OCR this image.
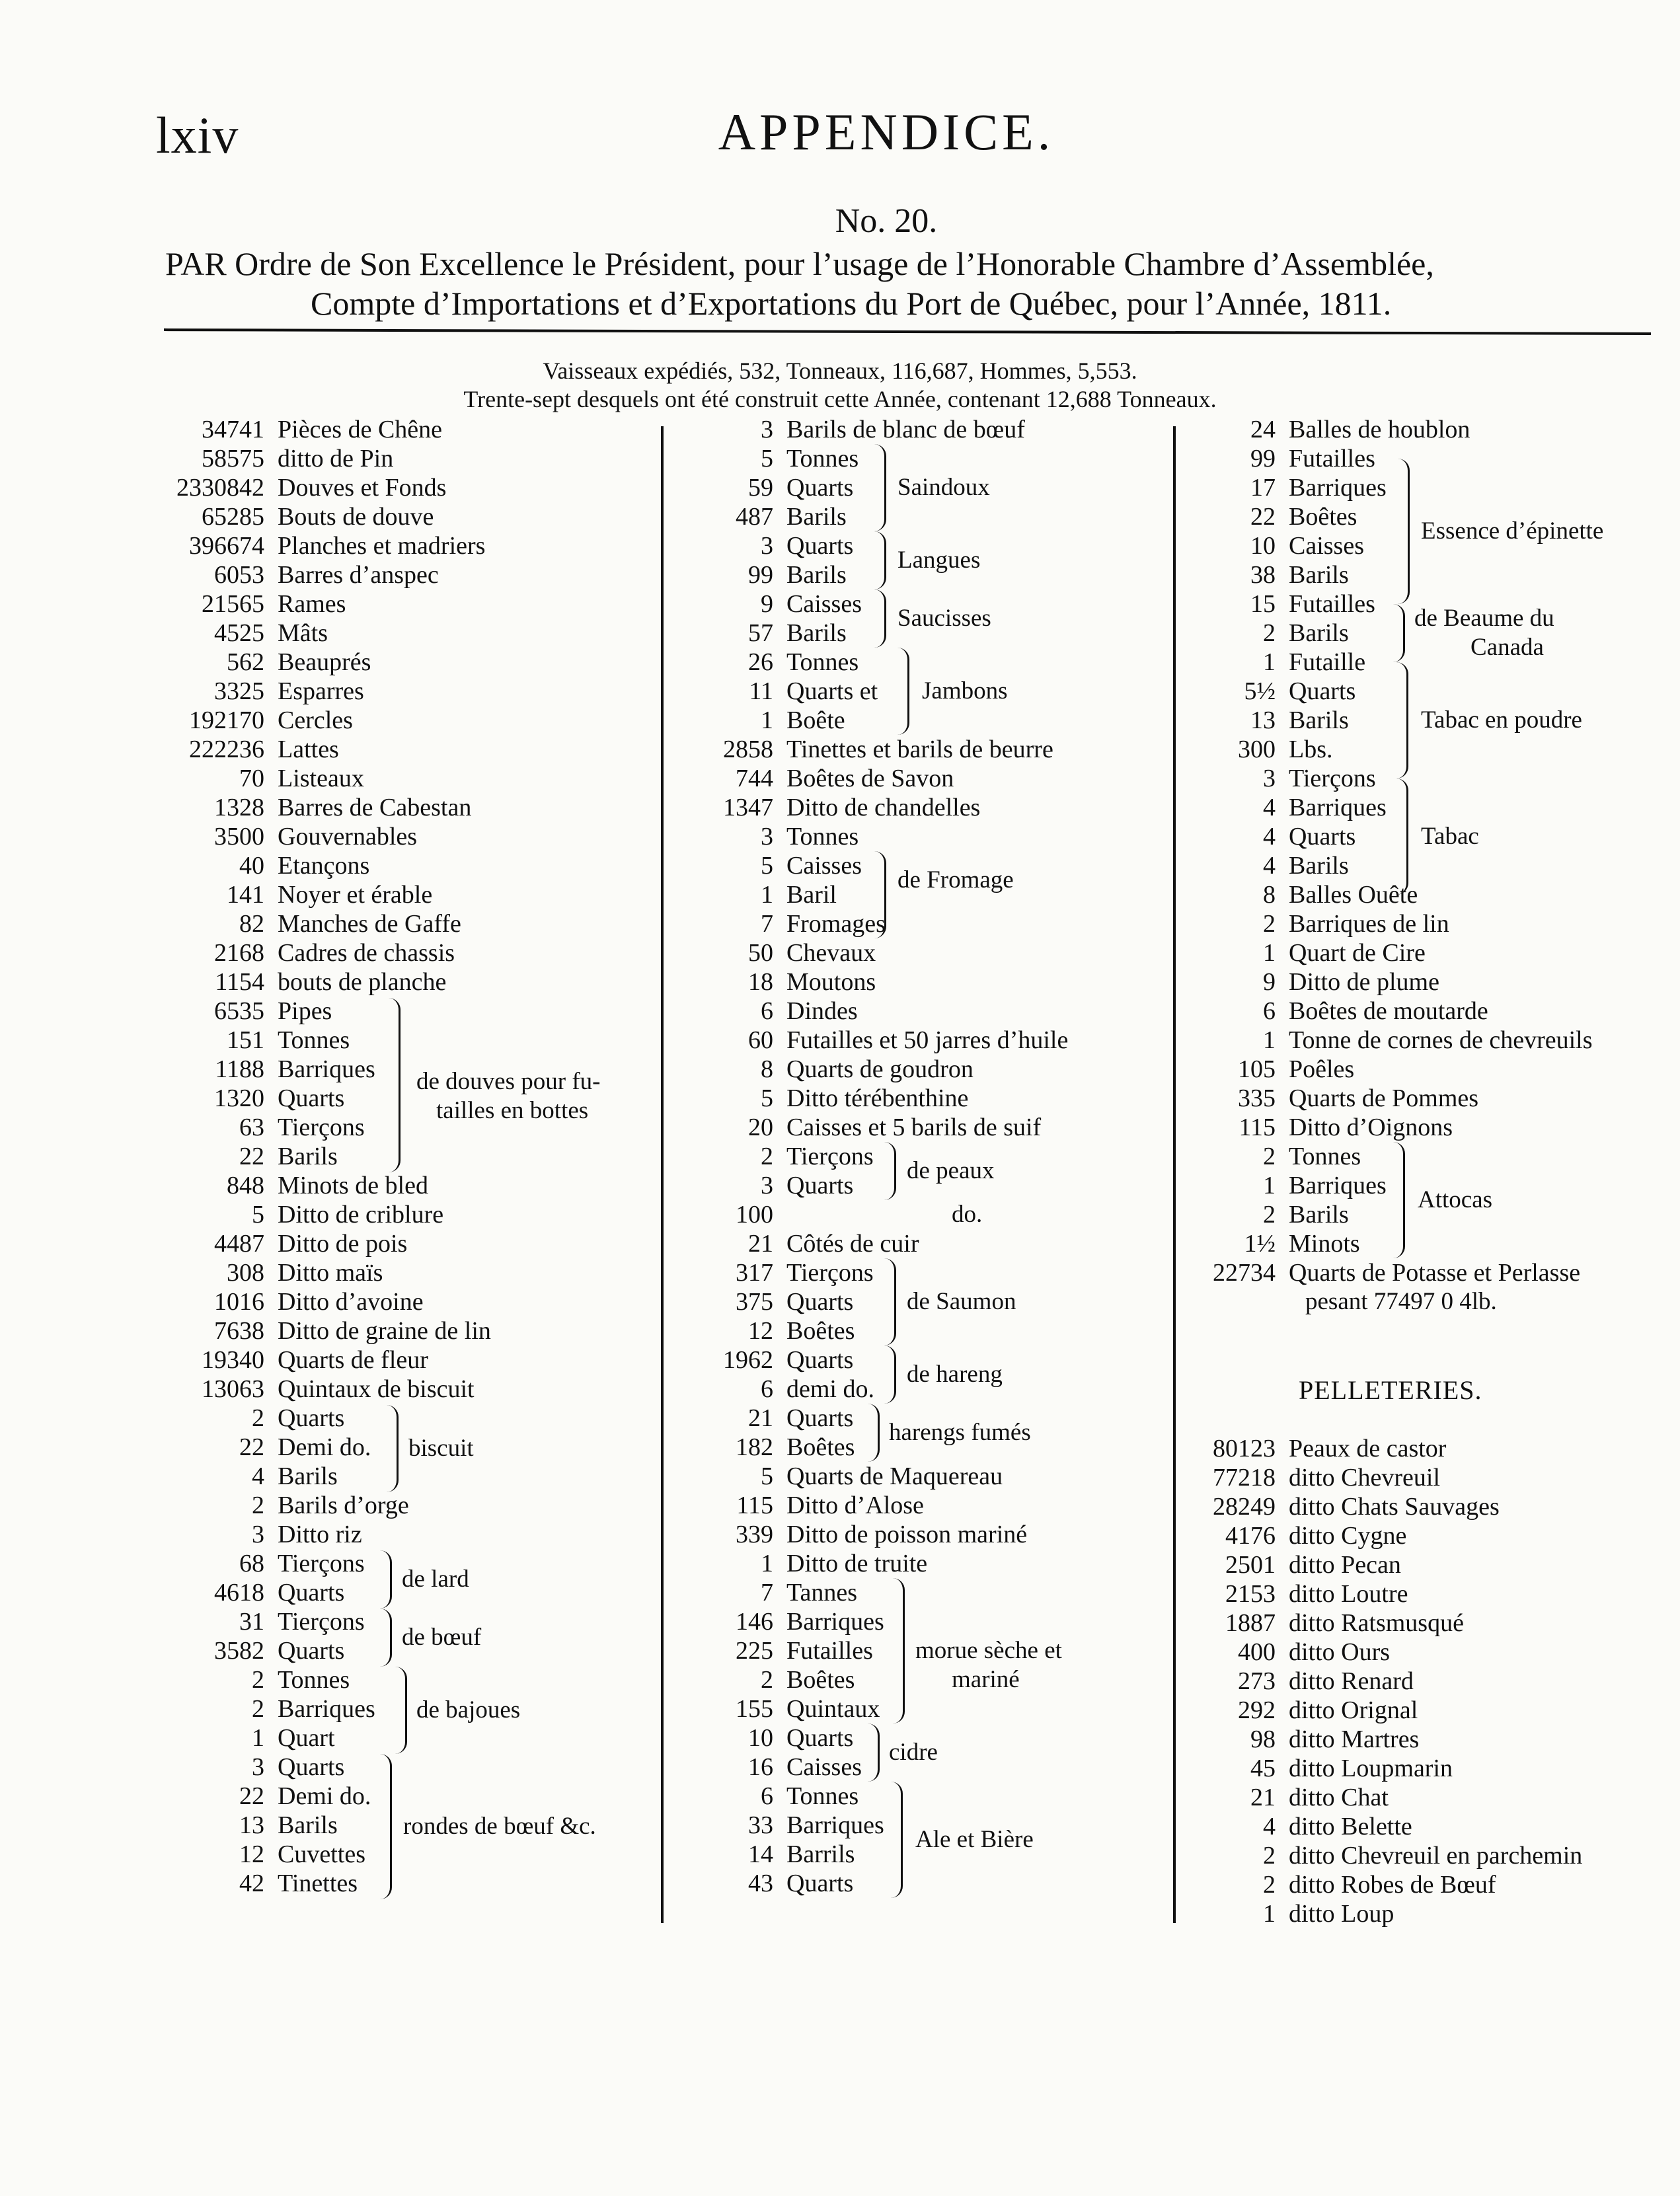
lxiv	APPENDICE.
No. 20.
PAR Ordre de Son Excellence le Président, pour l’usage de l’Honorable Chambre d’Assemblée,
Compte d’Importations et d’Exportations du Port de Québec, pour l’Année, 1811.
Vaisseaux expédiés, 532, Tonneaux, 116,687, Hommes, 5,553.
Trente-sept desquels ont été construit cette Année, contenant 12,688 Tonneaux.
34741 Pièces de Chêne
58575 ditto de Pin
2330842 Douves et Fonds
65285 Bouts de douve
396674 Planches et madriers
6053 Barres d’anspec
21565 Rames
4525 Mâts
562 Beauprés
3325 Esparres
192170 Cercles
222236 Lattes
70 Listeaux
1328 Barres de Cabestan
3500 Gouvernables
40 Etançons
141 Noyer et érable
82 Manches de Gaffe
2168 Cadres de chassis
1154 bouts de planche
6535 Pipes
151 Tonnes
1188 Barriques
1320 Quarts
63 Tierçons
22 Barils
848 Minots de bled
5 Ditto de criblure
4487 Ditto de pois
308 Ditto maïs
1016 Ditto d’avoine
7638 Ditto de graine de lin
19340 Quarts de fleur
13063 Quintaux de biscuit
2 Quarts
22 Demi do.
4 Barils
2 Barils d’orge
3 Ditto riz
68 Tierçons
4618 Quarts
31 Tierçons
3582 Quarts
2 Tonnes
2 Barriques
1 Quart
3 Quarts
22 Demi do.
13 Barils
12 Cuvettes
42 Tinettes
3 Barils de blanc de bœuf
5 Tonnes
59 Quarts
487 Barils
3 Quarts
99 Barils
9 Caisses
57 Barils
26 Tonnes
11 Quarts et
1 Boête
2858 Tinettes et barils de beurre
744 Boêtes de Savon
1347 Ditto de chandelles
3 Tonnes
5 Caisses
1 Baril
7 Fromages
50 Chevaux
18 Moutons
6 Dindes
60 Futailles et 50 jarres d’huile
8 Quarts de goudron
5 Ditto térébenthine
20 Caisses et 5 barils de suif
2 Tierçons
3 Quarts
100
21 Côtés de cuir
317 Tierçons
375 Quarts
12 Boêtes
1962 Quarts
6 demi do.
21 Quarts
182 Boêtes
5 Quarts de Maquereau
115 Ditto d’Alose
339 Ditto de poisson mariné
1 Ditto de truite
7 Tannes
146 Barriques
225 Futailles
2 Boêtes
155 Quintaux
10 Quarts
16 Caisses
6 Tonnes
33 Barriques
14 Barrils
43 Quarts
24 Balles de houblon
99 Futailles
17 Barriques
22 Boêtes
10 Caisses
38 Barils
15 Futailles
2 Barils
1 Futaille
5½ Quarts
13 Barils
300 Lbs.
3 Tierçons
4 Barriques
4 Quarts
4 Barils
8 Balles Ouête
2 Barriques de lin
1 Quart de Cire
9 Ditto de plume
6 Boêtes de moutarde
1 Tonne de cornes de chevreuils
105 Poêles
335 Quarts de Pommes
115 Ditto d’Oignons
2 Tonnes
1 Barriques
2 Barils
1½ Minots
22734 Quarts de Potasse et Perlasse
PELLETERIES.
80123 Peaux de castor
77218 ditto Chevreuil
28249 ditto Chats Sauvages
4176 ditto Cygne
2501 ditto Pecan
2153 ditto Loutre
1887 ditto Ratsmusqué
400 ditto Ours
273 ditto Renard
292 ditto Orignal
98 ditto Martres
45 ditto Loupmarin
21 ditto Chat
4 ditto Belette
2 ditto Chevreuil en parchemin
2 ditto Robes de Bœuf
1 ditto Loup
de douves pour fu-
tailles en bottes
biscuit
de lard
de bœuf
de bajoues
rondes de bœuf &c.
Saindoux
Langues
Saucisses
Jambons
de Fromage
de peaux
do.
de Saumon
de hareng
harengs fumés
morue sèche et
mariné
cidre
Ale et Bière
Essence d’épinette
de Beaume du
Canada
Tabac en poudre
Tabac
Attocas
pesant 77497 0 4lb.
